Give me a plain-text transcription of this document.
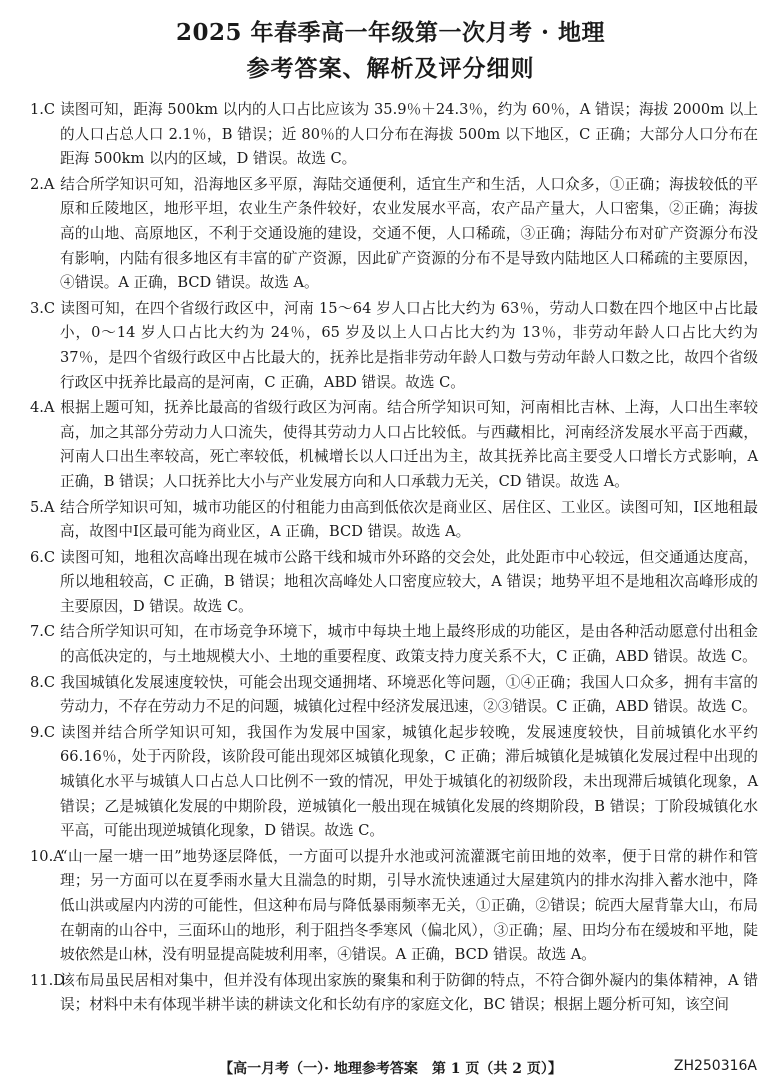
2025 年春季高一年级第一次月考 · 地理
参考答案、解析及评分细则

1.C 读图可知，距海 500km 以内的人口占比应该为 35.9％＋24.3％，约为 60％，A 错误；海拔 2000m 以上的人口占总人口 2.1％，B 错误；近 80％的人口分布在海拔 500m 以下地区，C 正确；大部分人口分布在距海 500km 以内的区域，D 错误。故选 C。

2.A 结合所学知识可知，沿海地区多平原，海陆交通便利，适宜生产和生活，人口众多，①正确；海拔较低的平原和丘陵地区，地形平坦，农业生产条件较好，农业发展水平高，农产品产量大，人口密集，②正确；海拔高的山地、高原地区，不利于交通设施的建设，交通不便，人口稀疏，③正确；海陆分布对矿产资源分布没有影响，内陆有很多地区有丰富的矿产资源，因此矿产资源的分布不是导致内陆地区人口稀疏的主要原因，④错误。A 正确，BCD 错误。故选 A。

3.C 读图可知，在四个省级行政区中，河南 15～64 岁人口占比大约为 63％，劳动人口数在四个地区中占比最小，0～14 岁人口占比大约为 24％，65 岁及以上人口占比大约为 13％，非劳动年龄人口占比大约为 37％，是四个省级行政区中占比最大的，抚养比是指非劳动年龄人口数与劳动年龄人口数之比，故四个省级行政区中抚养比最高的是河南，C 正确，ABD 错误。故选 C。

4.A 根据上题可知，抚养比最高的省级行政区为河南。结合所学知识可知，河南相比吉林、上海，人口出生率较高，加之其部分劳动力人口流失，使得其劳动力人口占比较低。与西藏相比，河南经济发展水平高于西藏，河南人口出生率较高，死亡率较低，机械增长以人口迁出为主，故其抚养比高主要受人口增长方式影响，A 正确，B 错误；人口抚养比大小与产业发展方向和人口承载力无关，CD 错误。故选 A。

5.A 结合所学知识可知，城市功能区的付租能力由高到低依次是商业区、居住区、工业区。读图可知，Ⅰ区地租最高，故图中Ⅰ区最可能为商业区，A 正确，BCD 错误。故选 A。

6.C 读图可知，地租次高峰出现在城市公路干线和城市外环路的交会处，此处距市中心较远，但交通通达度高，所以地租较高，C 正确，B 错误；地租次高峰处人口密度应较大，A 错误；地势平坦不是地租次高峰形成的主要原因，D 错误。故选 C。

7.C 结合所学知识可知，在市场竞争环境下，城市中每块土地上最终形成的功能区，是由各种活动愿意付出租金的高低决定的，与土地规模大小、土地的重要程度、政策支持力度关系不大，C 正确，ABD 错误。故选 C。

8.C 我国城镇化发展速度较快，可能会出现交通拥堵、环境恶化等问题，①④正确；我国人口众多，拥有丰富的劳动力，不存在劳动力不足的问题，城镇化过程中经济发展迅速，②③错误。C 正确，ABD 错误。故选 C。

9.C 读图并结合所学知识可知，我国作为发展中国家，城镇化起步较晚，发展速度较快，目前城镇化水平约 66.16％，处于丙阶段，该阶段可能出现郊区城镇化现象，C 正确；滞后城镇化是城镇化发展过程中出现的城镇化水平与城镇人口占总人口比例不一致的情况，甲处于城镇化的初级阶段，未出现滞后城镇化现象，A 错误；乙是城镇化发展的中期阶段，逆城镇化一般出现在城镇化发展的终期阶段，B 错误；丁阶段城镇化水平高，可能出现逆城镇化现象，D 错误。故选 C。

10.A“山一屋一塘一田”地势逐层降低，一方面可以提升水池或河流灌溉宅前田地的效率，便于日常的耕作和管理；另一方面可以在夏季雨水量大且湍急的时期，引导水流快速通过大屋建筑内的排水沟排入蓄水池中，降低山洪或屋内内涝的可能性，但这种布局与降低暴雨频率无关，①正确，②错误；皖西大屋背靠大山，布局在朝南的山谷中，三面环山的地形，利于阻挡冬季寒风（偏北风），③正确；屋、田均分布在缓坡和平地，陡坡依然是山林，没有明显提高陡坡利用率，④错误。A 正确，BCD 错误。故选 A。

11.D该布局虽民居相对集中，但并没有体现出家族的聚集和利于防御的特点，不符合御外凝内的集体精神，A 错误；材料中未有体现半耕半读的耕读文化和长幼有序的家庭文化，BC 错误；根据上题分析可知，该空间

【高一月考（一）· 地理参考答案　第 1 页（共 2 页）】	ZH250316A
